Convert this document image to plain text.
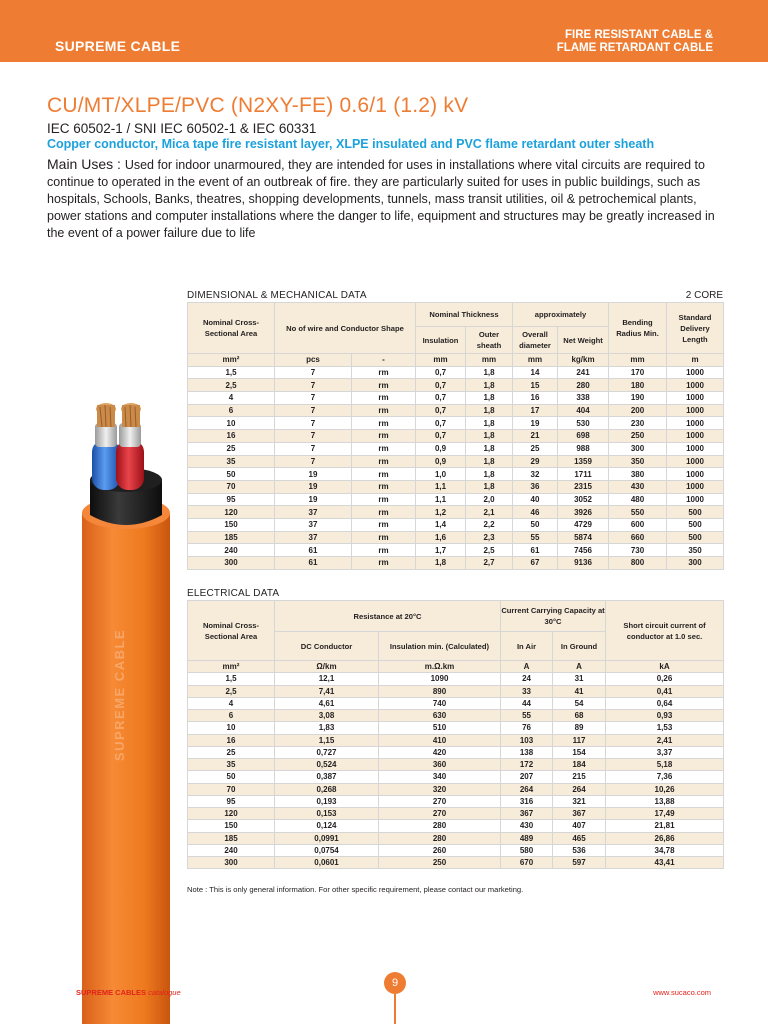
SUPREME CABLE
FIRE RESISTANT CABLE &
FLAME RETARDANT CABLE
CU/MT/XLPE/PVC (N2XY-FE) 0.6/1 (1.2) kV
IEC 60502-1 / SNI IEC 60502-1 & IEC 60331
Copper conductor, Mica tape fire resistant layer, XLPE insulated and PVC flame retardant outer sheath
Main Uses : Used for indoor unarmoured, they are intended for uses in installations where vital circuits are required to continue to operated in the event of an outbreak of fire. they are particularly suited for uses in public buildings, such as hospitals, Schools, Banks, theatres, shopping developments, tunnels, mass transit utilities, oil & petrochemical plants, power stations and computer installations where the danger to life, equipment and structures may be greatly increased in the event of a power failure due to life
SUPREME CABLE
DIMENSIONAL & MECHANICAL DATA	2 CORE
Nominal Cross-Sectional Area	No of wire and Conductor Shape		Nominal Thickness		approximately		Bending Radius Min.	Standard Delivery Length
			Insulation	Outer sheath	Overall diameter	Net Weight		
mm²	pcs	-	mm	mm	mm	kg/km	mm	m
1,5	7	rm	0,7	1,8	14	241	170	1000
2,5	7	rm	0,7	1,8	15	280	180	1000
4	7	rm	0,7	1,8	16	338	190	1000
6	7	rm	0,7	1,8	17	404	200	1000
10	7	rm	0,7	1,8	19	530	230	1000
16	7	rm	0,7	1,8	21	698	250	1000
25	7	rm	0,9	1,8	25	988	300	1000
35	7	rm	0,9	1,8	29	1359	350	1000
50	19	rm	1,0	1,8	32	1711	380	1000
70	19	rm	1,1	1,8	36	2315	430	1000
95	19	rm	1,1	2,0	40	3052	480	1000
120	37	rm	1,2	2,1	46	3926	550	500
150	37	rm	1,4	2,2	50	4729	600	500
185	37	rm	1,6	2,3	55	5874	660	500
240	61	rm	1,7	2,5	61	7456	730	350
300	61	rm	1,8	2,7	67	9136	800	300
ELECTRICAL DATA
Nominal Cross-Sectional Area	Resistance at 20°C		Current Carrying Capacity at 30°C		Short circuit current of conductor at 1.0 sec.
	DC Conductor	Insulation min. (Calculated)	In Air	In Ground	
mm²	Ω/km	m.Ω.km	A	A	kA
1,5	12,1	1090	24	31	0,26
2,5	7,41	890	33	41	0,41
4	4,61	740	44	54	0,64
6	3,08	630	55	68	0,93
10	1,83	510	76	89	1,53
16	1,15	410	103	117	2,41
25	0,727	420	138	154	3,37
35	0,524	360	172	184	5,18
50	0,387	340	207	215	7,36
70	0,268	320	264	264	10,26
95	0,193	270	316	321	13,88
120	0,153	270	367	367	17,49
150	0,124	280	430	407	21,81
185	0,0991	280	489	465	26,86
240	0,0754	260	580	536	34,78
300	0,0601	250	670	597	43,41
Note : This is only general information. For other specific requirement, please contact our marketing.
SUPREME CABLES catalogue
9
www.sucaco.com
